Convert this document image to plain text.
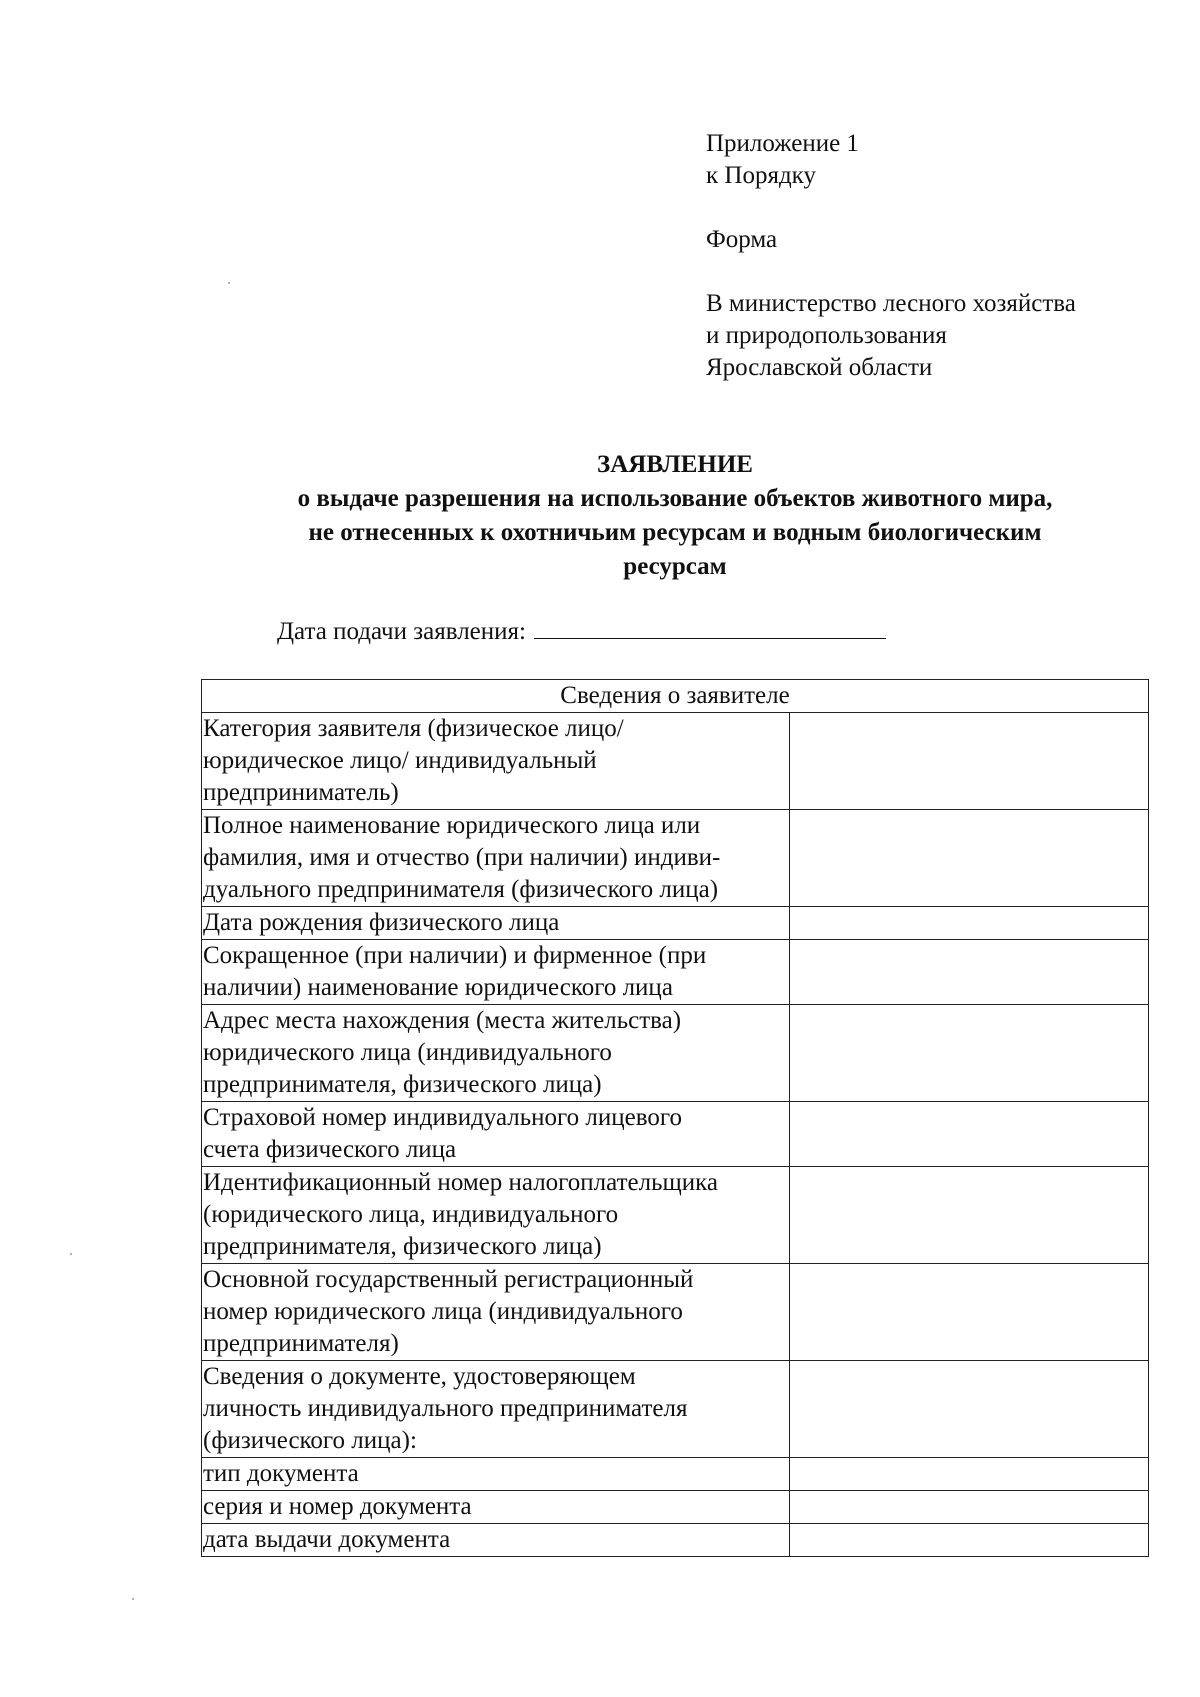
Приложение 1
к Порядку
Форма
В министерство лесного хозяйства
и природопользования
Ярославской области
ЗАЯВЛЕНИЕ
о выдаче разрешения на использование объектов животного мира,
не отнесенных к охотничьим ресурсам и водным биологическим
ресурсам
Дата подачи заявления:
Сведения о заявителе	

Категория заявителя (физическое лицо/
юридическое лицо/ индивидуальный
предприниматель)	

Полное наименование юридического лица или
фамилия, имя и отчество (при наличии) индиви-
дуального предпринимателя (физического лица)	

Дата рождения физического лица	

Сокращенное (при наличии) и фирменное (при
наличии) наименование юридического лица	

Адрес места нахождения (места жительства)
юридического лица (индивидуального
предпринимателя, физического лица)	

Страховой номер индивидуального лицевого
счета физического лица	

Идентификационный номер налогоплательщика
(юридического лица, индивидуального
предпринимателя, физического лица)	

Основной государственный регистрационный
номер юридического лица (индивидуального
предпринимателя)	

Сведения о документе, удостоверяющем
личность индивидуального предпринимателя
(физического лица):	

тип документа	

серия и номер документа	

дата выдачи документа	
